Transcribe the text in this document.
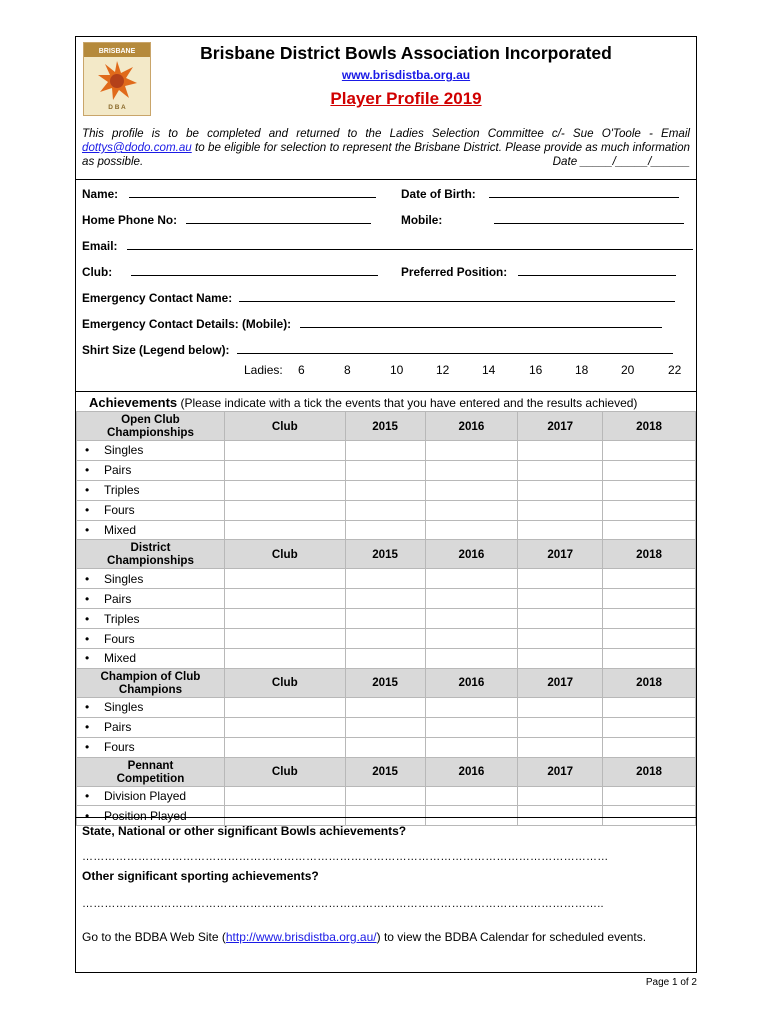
BRISBANE
D B A
Brisbane District Bowls Association Incorporated
www.brisdistba.org.au
Player Profile 2019
This profile is to be completed and returned to the Ladies Selection Committee c/- Sue O'Toole - Email dottys@dodo.com.au to be eligible for selection to represent the Brisbane District. Please provide as much information as possible.	Date _____/_____/______
Name:	Date of Birth:
Home Phone No:	Mobile:
Email:
Club:	Preferred Position:
Emergency Contact Name:
Emergency Contact Details: (Mobile):
Shirt Size (Legend below):
Ladies: 6	8	10	12	14	16	18	20	22
Achievements (Please indicate with a tick the events that you have entered and the results achieved)
Open Club Championships	Club	2015	2016	2017	2018
• Singles					
• Pairs					
• Triples					
• Fours					
• Mixed					
District Championships	Club	2015	2016	2017	2018
• Singles					
• Pairs					
• Triples					
• Fours					
• Mixed					
Champion of Club Champions	Club	2015	2016	2017	2018
• Singles					
• Pairs					
• Fours					
Pennant Competition	Club	2015	2016	2017	2018
• Division Played					
• Position Played					
State, National or other significant Bowls achievements?
……………………………………………………………………………………………………………………………
Other significant sporting achievements?
…………………………………………………………………………………………………………………………..
Go to the BDBA Web Site (http://www.brisdistba.org.au/) to view the BDBA Calendar for scheduled events.
Page 1 of 2
